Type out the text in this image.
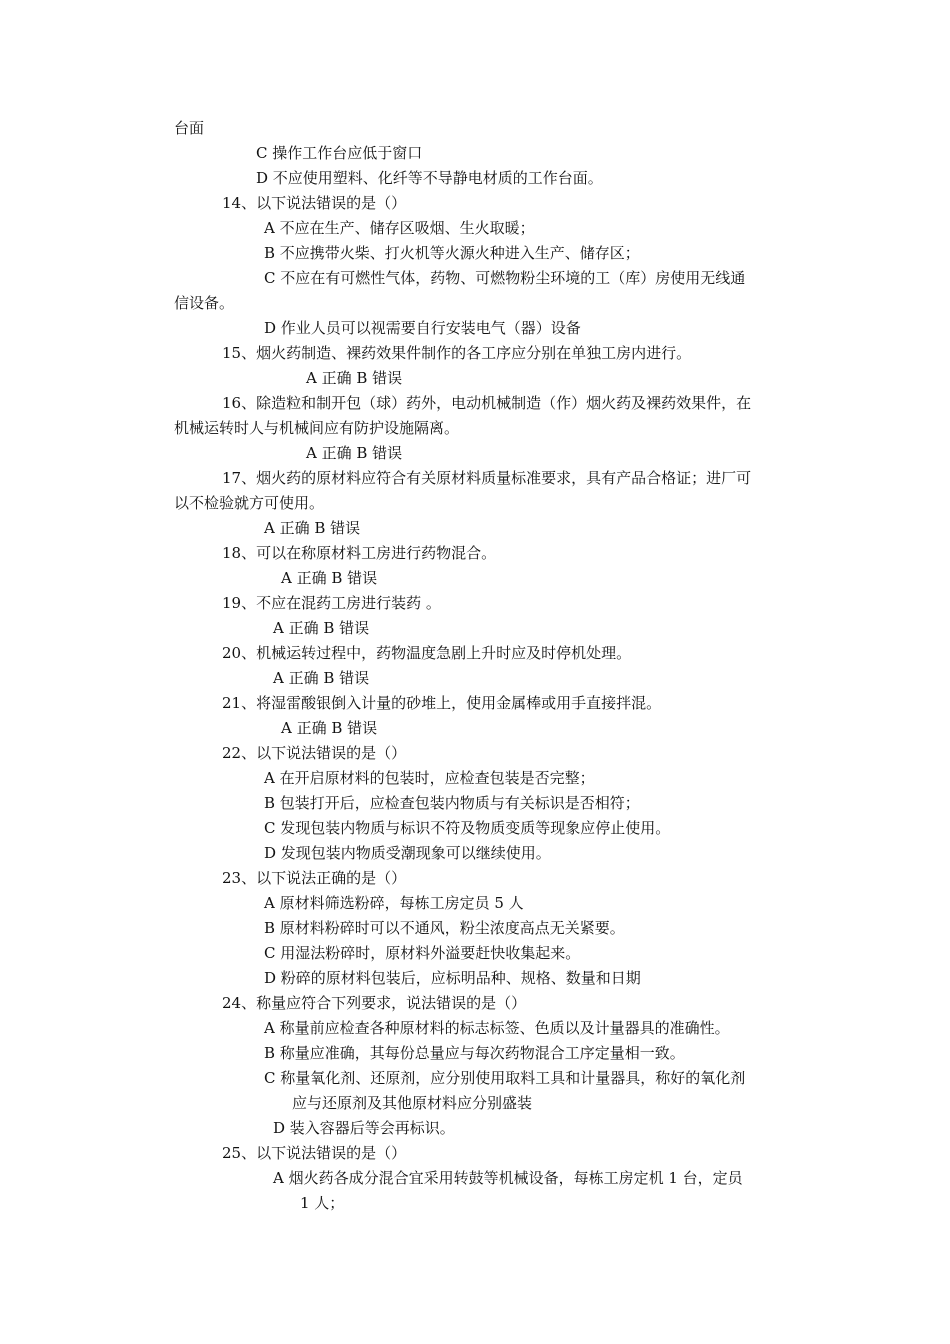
台面
C 操作工作台应低于窗口
D 不应使用塑料、化纤等不导静电材质的工作台面。
14、以下说法错误的是（）
A 不应在生产、储存区吸烟、生火取暖；
B 不应携带火柴、打火机等火源火种进入生产、储存区；
C 不应在有可燃性气体，药物、可燃物粉尘环境的工（库）房使用无线通
信设备。
D 作业人员可以视需要自行安装电气（器）设备
15、烟火药制造、裸药效果件制作的各工序应分别在单独工房内进行。
A 正确 B 错误
16、除造粒和制开包（球）药外，电动机械制造（作）烟火药及裸药效果件，在
机械运转时人与机械间应有防护设施隔离。
A 正确 B 错误
17、烟火药的原材料应符合有关原材料质量标准要求，具有产品合格证；进厂可
以不检验就方可使用。
A 正确 B 错误
18、可以在称原材料工房进行药物混合。
A 正确 B 错误
19、不应在混药工房进行装药 。
A 正确 B 错误
20、机械运转过程中，药物温度急剧上升时应及时停机处理。
A 正确 B 错误
21、将湿雷酸银倒入计量的砂堆上，使用金属棒或用手直接拌混。
A 正确 B 错误
22、以下说法错误的是（）
A 在开启原材料的包装时，应检查包装是否完整；
B 包装打开后，应检查包装内物质与有关标识是否相符；
C 发现包装内物质与标识不符及物质变质等现象应停止使用。
D 发现包装内物质受潮现象可以继续使用。
23、以下说法正确的是（）
A 原材料筛选粉碎，每栋工房定员 5 人
B 原材料粉碎时可以不通风，粉尘浓度高点无关紧要。
C 用湿法粉碎时，原材料外溢要赶快收集起来。
D 粉碎的原材料包装后，应标明品种、规格、数量和日期
24、称量应符合下列要求，说法错误的是（）
A 称量前应检查各种原材料的标志标签、色质以及计量器具的准确性。
B 称量应准确，其每份总量应与每次药物混合工序定量相一致。
C 称量氧化剂、还原剂，应分别使用取料工具和计量器具，称好的氧化剂
应与还原剂及其他原材料应分别盛装
D 装入容器后等会再标识。
25、以下说法错误的是（）
A 烟火药各成分混合宜采用转鼓等机械设备，每栋工房定机 1 台，定员
1 人；
